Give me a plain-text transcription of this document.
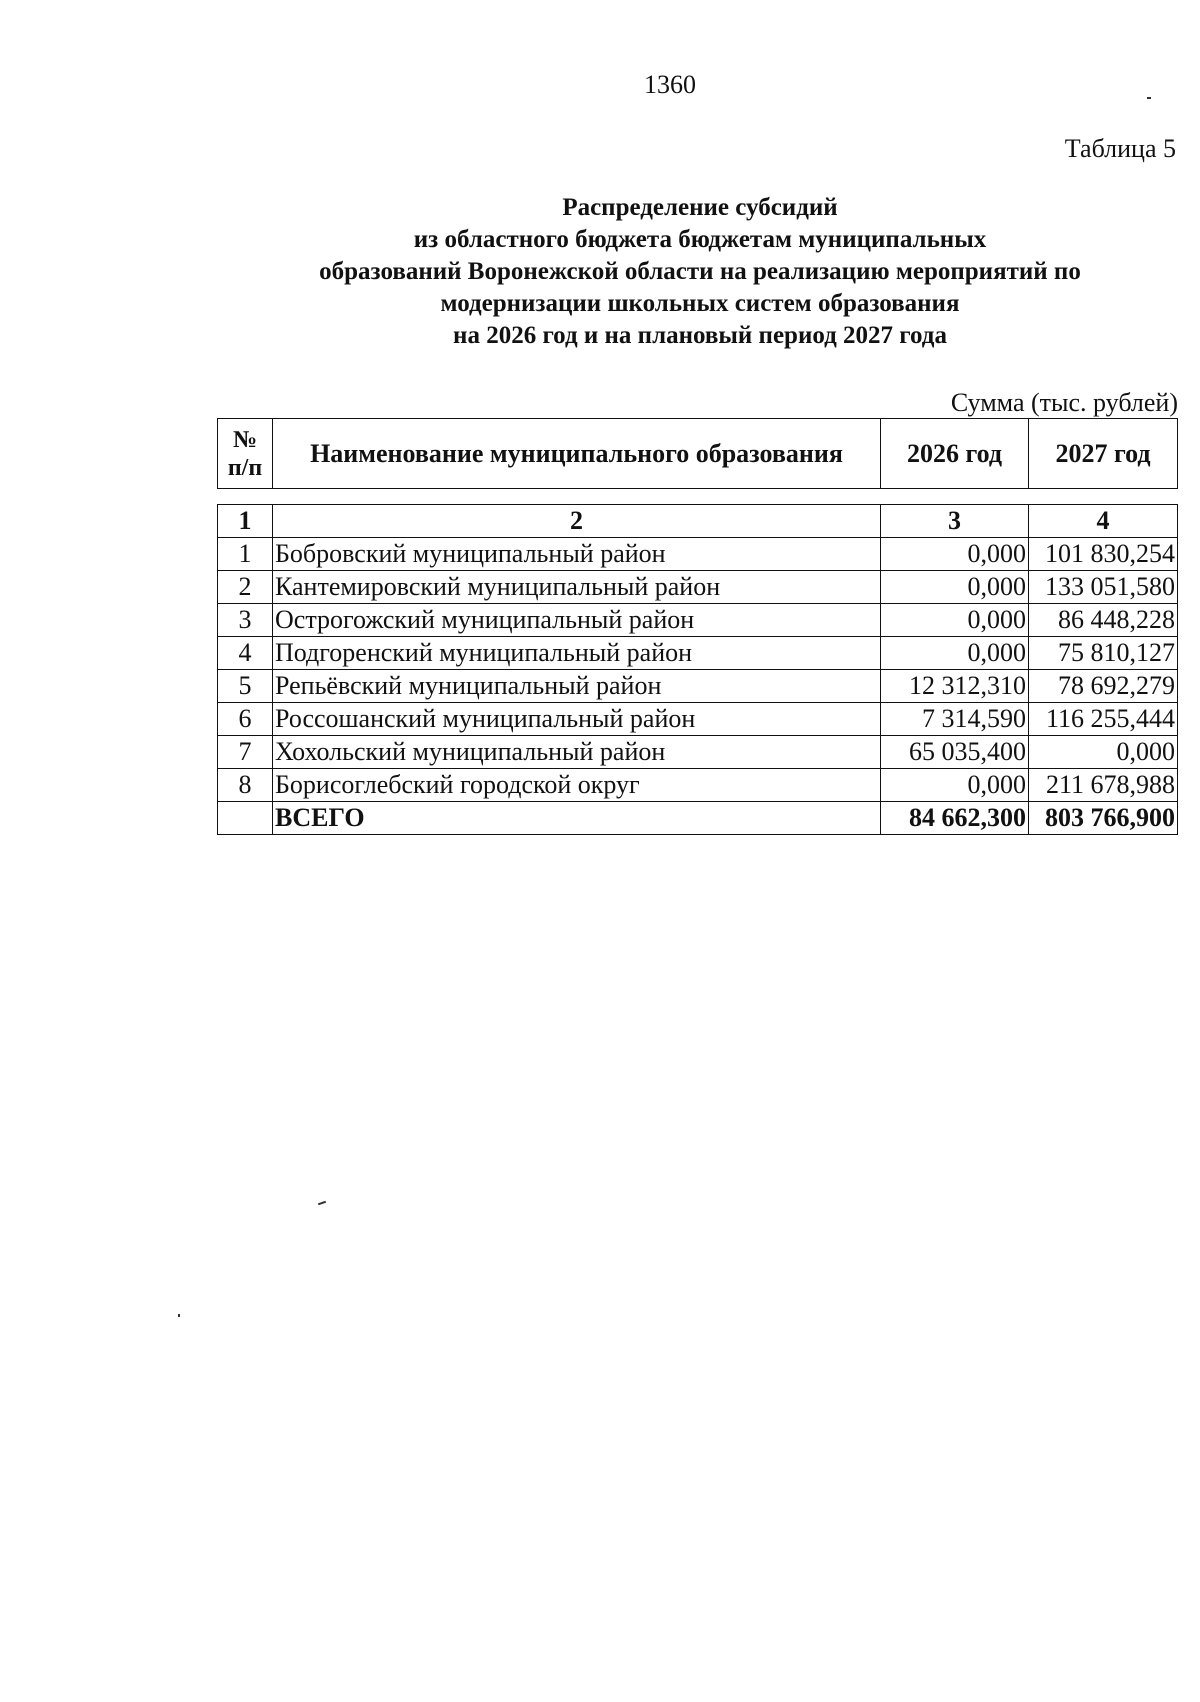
1360
Таблица 5
Распределение субсидий
из областного бюджета бюджетам муниципальных
образований Воронежской области на реализацию мероприятий по
модернизации школьных систем образования
на 2026 год и на плановый период 2027 года
Сумма (тыс. рублей)
№
п/п	Наименование муниципального образования	2026 год	2027 год
1	2	3	4
1	Бобровский муниципальный район	0,000	101 830,254
2	Кантемировский муниципальный район	0,000	133 051,580
3	Острогожский муниципальный район	0,000	86 448,228
4	Подгоренский муниципальный район	0,000	75 810,127
5	Репьёвский муниципальный район	12 312,310	78 692,279
6	Россошанский муниципальный район	7 314,590	116 255,444
7	Хохольский муниципальный район	65 035,400	0,000
8	Борисоглебский городской округ	0,000	211 678,988
	ВСЕГО	84 662,300	803 766,900
